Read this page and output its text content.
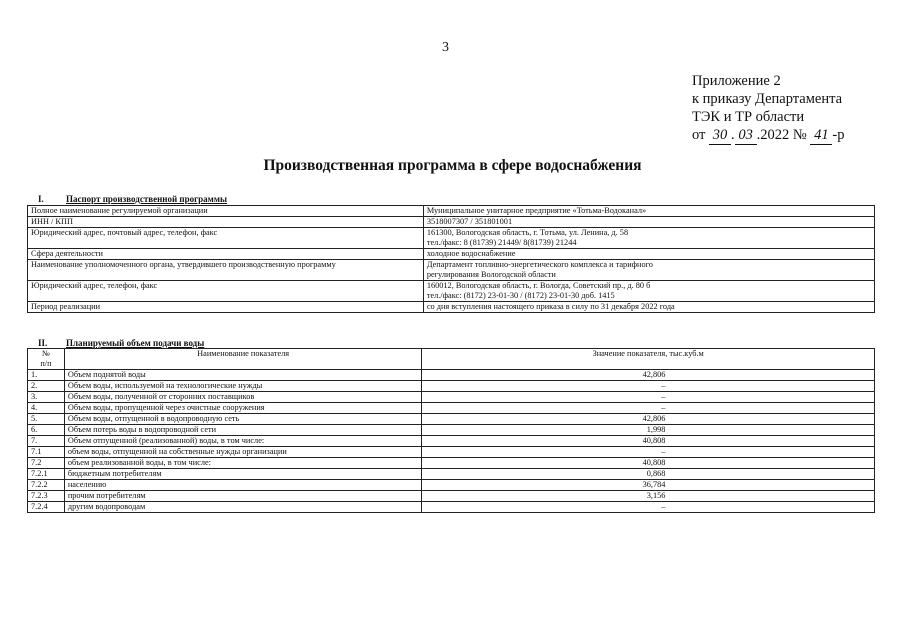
3
Приложение 2
к приказу Департамента
ТЭК и ТР области
от 30 . 03 .2022 № 41 -р
Производственная программа в сфере водоснабжения
I. Паспорт производственной программы
Полное наименование регулируемой организации	Муниципальное унитарное предприятие «Тотьма-Водоканал»

ИНН / КПП	3518007307 / 351801001

Юридический адрес, почтовый адрес, телефон, факс	161300, Вологодская область, г. Тотьма, ул. Ленина, д. 58
тел./факс: 8 (81739) 21449/ 8(81739) 21244

Сфера деятельности	холодное водоснабжение

Наименование уполномоченного органа, утвердившего производственную программу	Департамент топливно-энергетического комплекса и тарифного
регулирования Вологодской области

Юридический адрес, телефон, факс	160012, Вологодская область, г. Вологда, Советский пр., д. 80 б
тел./факс: (8172) 23-01-30 / (8172) 23-01-30 доб. 1415

Период реализации	со дня вступления настоящего приказа в силу по 31 декабря 2022 года
II. Планируемый объем подачи воды
№
п/п	Наименование показателя	Значение показателя, тыс.куб.м
1.	Объем поднятой воды	42,806
2.	Объем воды, используемой на технологические нужды	–
3.	Объем воды, полученной от сторонних поставщиков	–
4.	Объем воды, пропущенной через очистные сооружения	–
5.	Объем воды, отпущенной в водопроводную сеть	42,806
6.	Объем потерь воды в водопроводной сети	1,998
7.	Объем отпущенной (реализованной) воды, в том числе:	40,808
7.1	объем воды, отпущенной на собственные нужды организации	–
7.2	объем реализованной воды, в том числе:	40,808
7.2.1	бюджетным потребителям	0,868
7.2.2	населению	36,784
7.2.3	прочим потребителям	3,156
7.2.4	другим водопроводам	–
